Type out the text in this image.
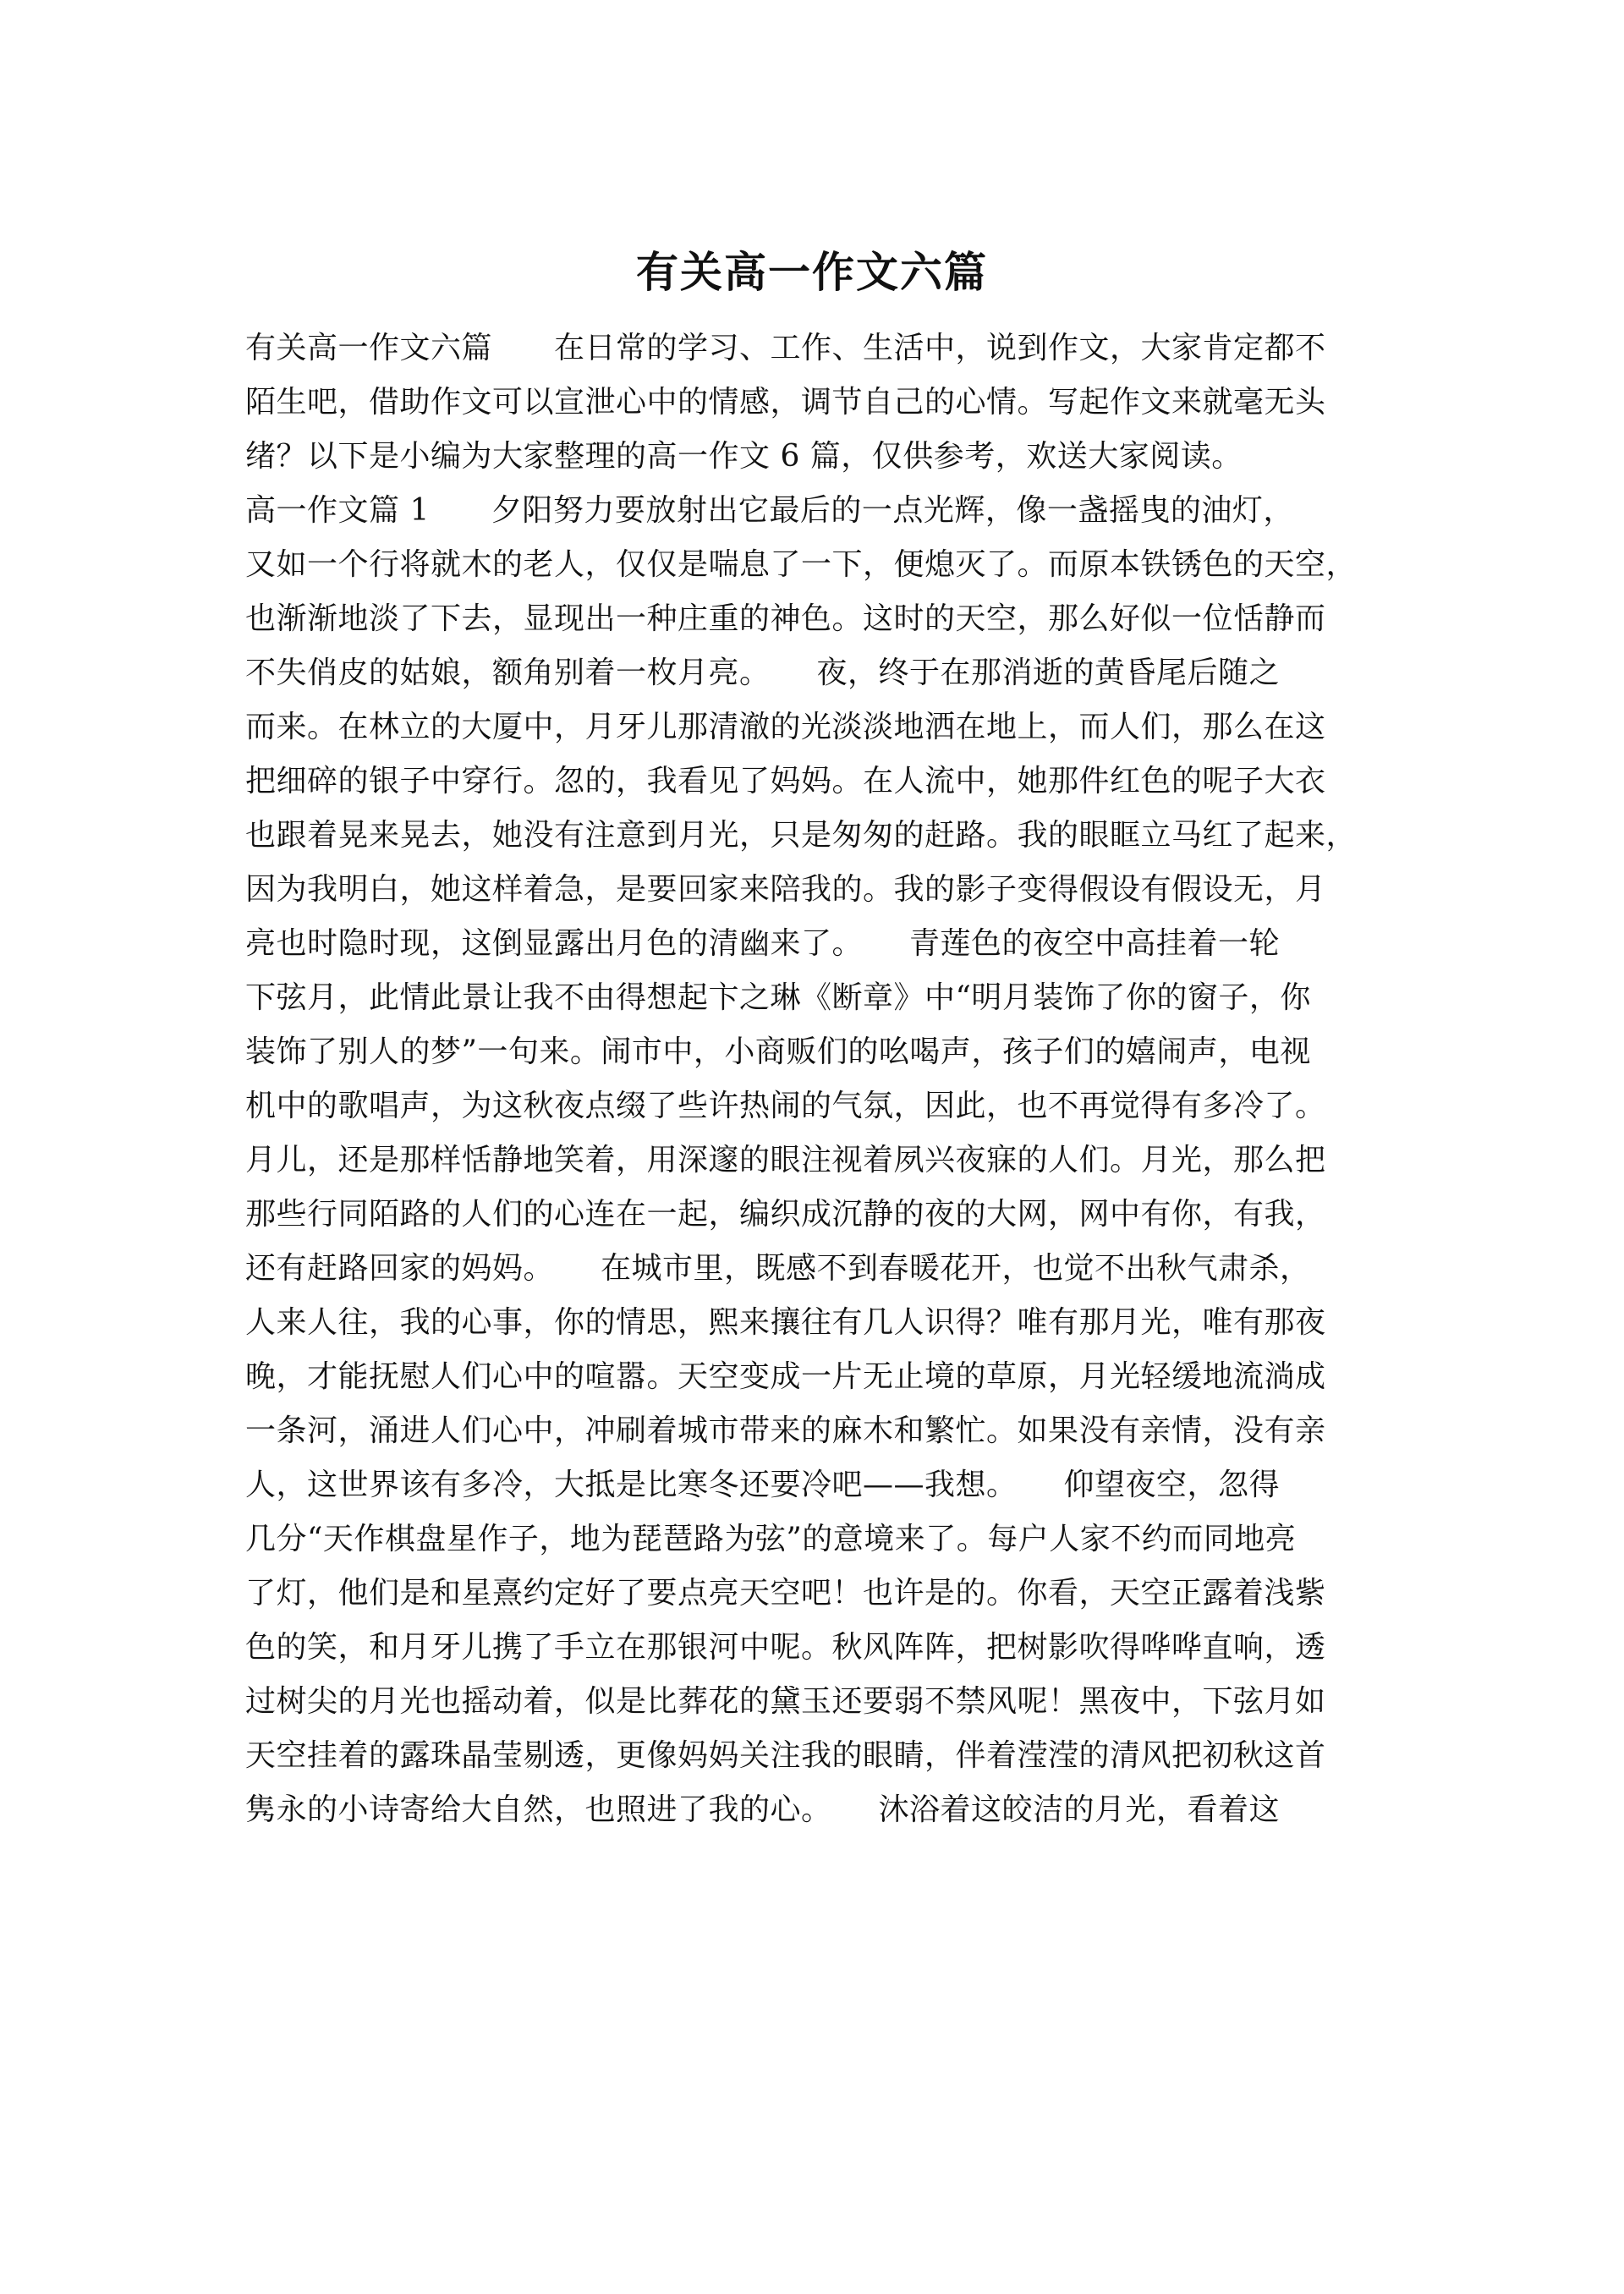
有关高一作文六篇
有关高一作文六篇　　在日常的学习、工作、生活中，说到作文，大家肯定都不
陌生吧，借助作文可以宣泄心中的情感，调节自己的心情。写起作文来就毫无头
绪？以下是小编为大家整理的高一作文 6 篇，仅供参考，欢送大家阅读。
高一作文篇 1　　夕阳努力要放射出它最后的一点光辉，像一盏摇曳的油灯，
又如一个行将就木的老人，仅仅是喘息了一下，便熄灭了。而原本铁锈色的天空，
也渐渐地淡了下去，显现出一种庄重的神色。这时的天空，那么好似一位恬静而
不失俏皮的姑娘，额角别着一枚月亮。　　夜，终于在那消逝的黄昏尾后随之
而来。在林立的大厦中，月牙儿那清澈的光淡淡地洒在地上，而人们，那么在这
把细碎的银子中穿行。忽的，我看见了妈妈。在人流中，她那件红色的呢子大衣
也跟着晃来晃去，她没有注意到月光，只是匆匆的赶路。我的眼眶立马红了起来，
因为我明白，她这样着急，是要回家来陪我的。我的影子变得假设有假设无，月
亮也时隐时现，这倒显露出月色的清幽来了。　　青莲色的夜空中高挂着一轮
下弦月，此情此景让我不由得想起卞之琳《断章》中“明月装饰了你的窗子，你
装饰了别人的梦”一句来。闹市中，小商贩们的吆喝声，孩子们的嬉闹声，电视
机中的歌唱声，为这秋夜点缀了些许热闹的气氛，因此，也不再觉得有多冷了。
月儿，还是那样恬静地笑着，用深邃的眼注视着夙兴夜寐的人们。月光，那么把
那些行同陌路的人们的心连在一起，编织成沉静的夜的大网，网中有你，有我，
还有赶路回家的妈妈。　　在城市里，既感不到春暖花开，也觉不出秋气肃杀，
人来人往，我的心事，你的情思，熙来攘往有几人识得？唯有那月光，唯有那夜
晚，才能抚慰人们心中的喧嚣。天空变成一片无止境的草原，月光轻缓地流淌成
一条河，涌进人们心中，冲刷着城市带来的麻木和繁忙。如果没有亲情，没有亲
人，这世界该有多冷，大抵是比寒冬还要冷吧——我想。　　仰望夜空，忽得
几分“天作棋盘星作子，地为琵琶路为弦”的意境来了。每户人家不约而同地亮
了灯，他们是和星熹约定好了要点亮天空吧！也许是的。你看，天空正露着浅紫
色的笑，和月牙儿携了手立在那银河中呢。秋风阵阵，把树影吹得哗哗直响，透
过树尖的月光也摇动着，似是比葬花的黛玉还要弱不禁风呢！黑夜中，下弦月如
天空挂着的露珠晶莹剔透，更像妈妈关注我的眼睛，伴着滢滢的清风把初秋这首
隽永的小诗寄给大自然，也照进了我的心。　　沐浴着这皎洁的月光，看着这
